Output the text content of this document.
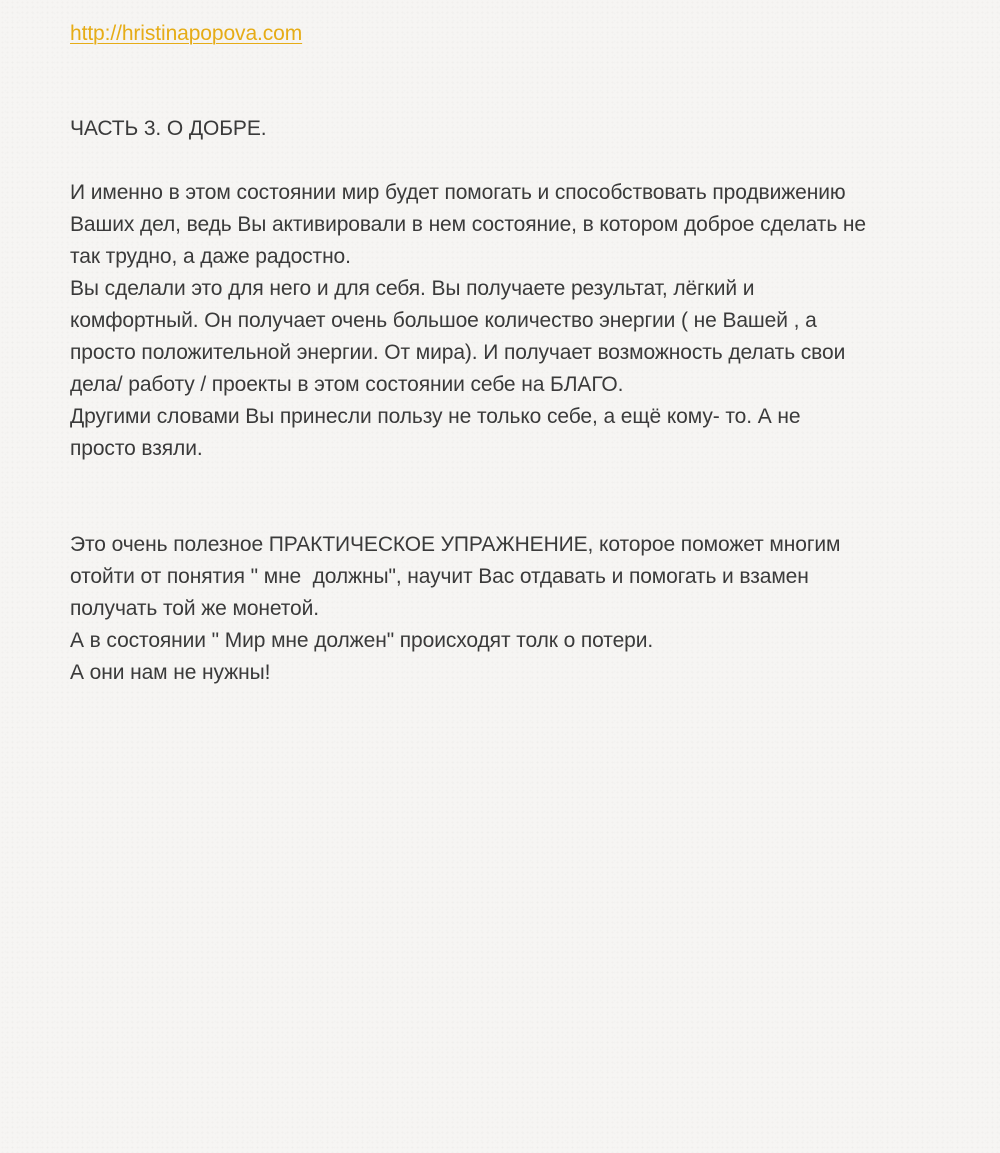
http://hristinapopova.com
ЧАСТЬ 3. О ДОБРЕ.
И именно в этом состоянии мир будет помогать и способствовать продвижению
Ваших дел, ведь Вы активировали в нем состояние, в котором доброе сделать не
так трудно, а даже радостно.
Вы сделали это для него и для себя. Вы получаете результат, лёгкий и
комфортный. Он получает очень большое количество энергии ( не Вашей , а
просто положительной энергии. От мира). И получает возможность делать свои
дела/ работу / проекты в этом состоянии себе на БЛАГО.
Другими словами Вы принесли пользу не только себе, а ещё кому- то. А не
просто взяли.
Это очень полезное ПРАКТИЧЕСКОЕ УПРАЖНЕНИЕ, которое поможет многим
отойти от понятия " мне  должны", научит Вас отдавать и помогать и взамен
получать той же монетой.
А в состоянии " Мир мне должен" происходят толк о потери.
А они нам не нужны!
